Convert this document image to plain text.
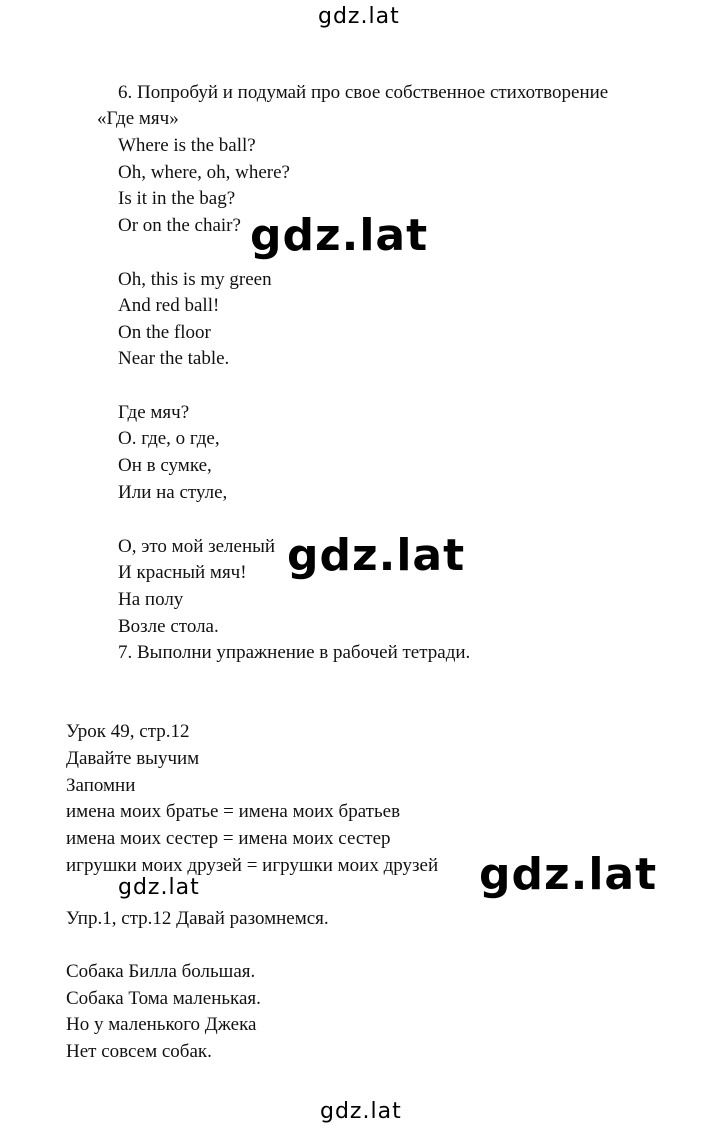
gdz.lat
gdz.lat
gdz.lat
gdz.lat
gdz.lat
gdz.lat

6. Попробуй и подумай про свое собственное стихотворение

«Где мяч»

Where is the ball?

Oh, where, oh, where?

Is it in the bag?

Or on the chair?

Oh, this is my green

And red ball!

On the floor

Near the table.

Где мяч?

О. где, о где,

Он в сумке,

Или на стуле,

О, это мой зеленый

И красный мяч!

На полу

Возле стола.

7. Выполни упражнение в рабочей тетради.

Урок 49, стр.12

Давайте выучим

Запомни

имена моих братье = имена моих братьев

имена моих сестер = имена моих сестер

игрушки моих друзей = игрушки моих друзей

Упр.1, стр.12 Давай разомнемся.

Собака Билла большая.

Собака Тома маленькая.

Но у маленького Джека

Нет совсем собак.
